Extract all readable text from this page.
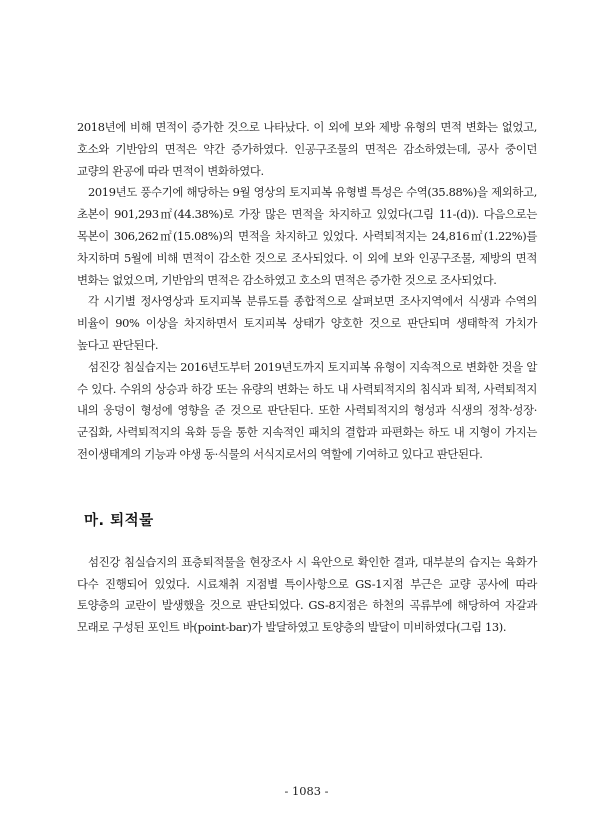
2018년에 비해 면적이 증가한 것으로 나타났다. 이 외에 보와 제방 유형의 면적 변화는 없었고, 호소와 기반암의 면적은 약간 증가하였다. 인공구조물의 면적은 감소하였는데, 공사 중이던 교량의 완공에 따라 면적이 변화하였다.

2019년도 풍수기에 해당하는 9월 영상의 토지피복 유형별 특성은 수역(35.88%)을 제외하고, 초본이 901,293㎡(44.38%)로 가장 많은 면적을 차지하고 있었다(그림 11-(d)). 다음으로는 목본이 306,262㎡(15.08%)의 면적을 차지하고 있었다. 사력퇴적지는 24,816㎡(1.22%)를 차지하며 5월에 비해 면적이 감소한 것으로 조사되었다. 이 외에 보와 인공구조물, 제방의 면적 변화는 없었으며, 기반암의 면적은 감소하였고 호소의 면적은 증가한 것으로 조사되었다.

각 시기별 정사영상과 토지피복 분류도를 종합적으로 살펴보면 조사지역에서 식생과 수역의 비율이 90% 이상을 차지하면서 토지피복 상태가 양호한 것으로 판단되며 생태학적 가치가 높다고 판단된다.

섬진강 침실습지는 2016년도부터 2019년도까지 토지피복 유형이 지속적으로 변화한 것을 알 수 있다. 수위의 상승과 하강 또는 유량의 변화는 하도 내 사력퇴적지의 침식과 퇴적, 사력퇴적지 내의 웅덩이 형성에 영향을 준 것으로 판단된다. 또한 사력퇴적지의 형성과 식생의 정착·성장·군집화, 사력퇴적지의 육화 등을 통한 지속적인 패치의 결합과 파편화는 하도 내 지형이 가지는 전이생태계의 기능과 야생 동·식물의 서식지로서의 역할에 기여하고 있다고 판단된다.

마. 퇴적물

섬진강 침실습지의 표층퇴적물을 현장조사 시 육안으로 확인한 결과, 대부분의 습지는 육화가 다수 진행되어 있었다. 시료채취 지점별 특이사항으로 GS-1지점 부근은 교량 공사에 따라 토양층의 교란이 발생했을 것으로 판단되었다. GS-8지점은 하천의 곡류부에 해당하여 자갈과 모래로 구성된 포인트 바(point-bar)가 발달하였고 토양층의 발달이 미비하였다(그림 13).

- 1083 -
